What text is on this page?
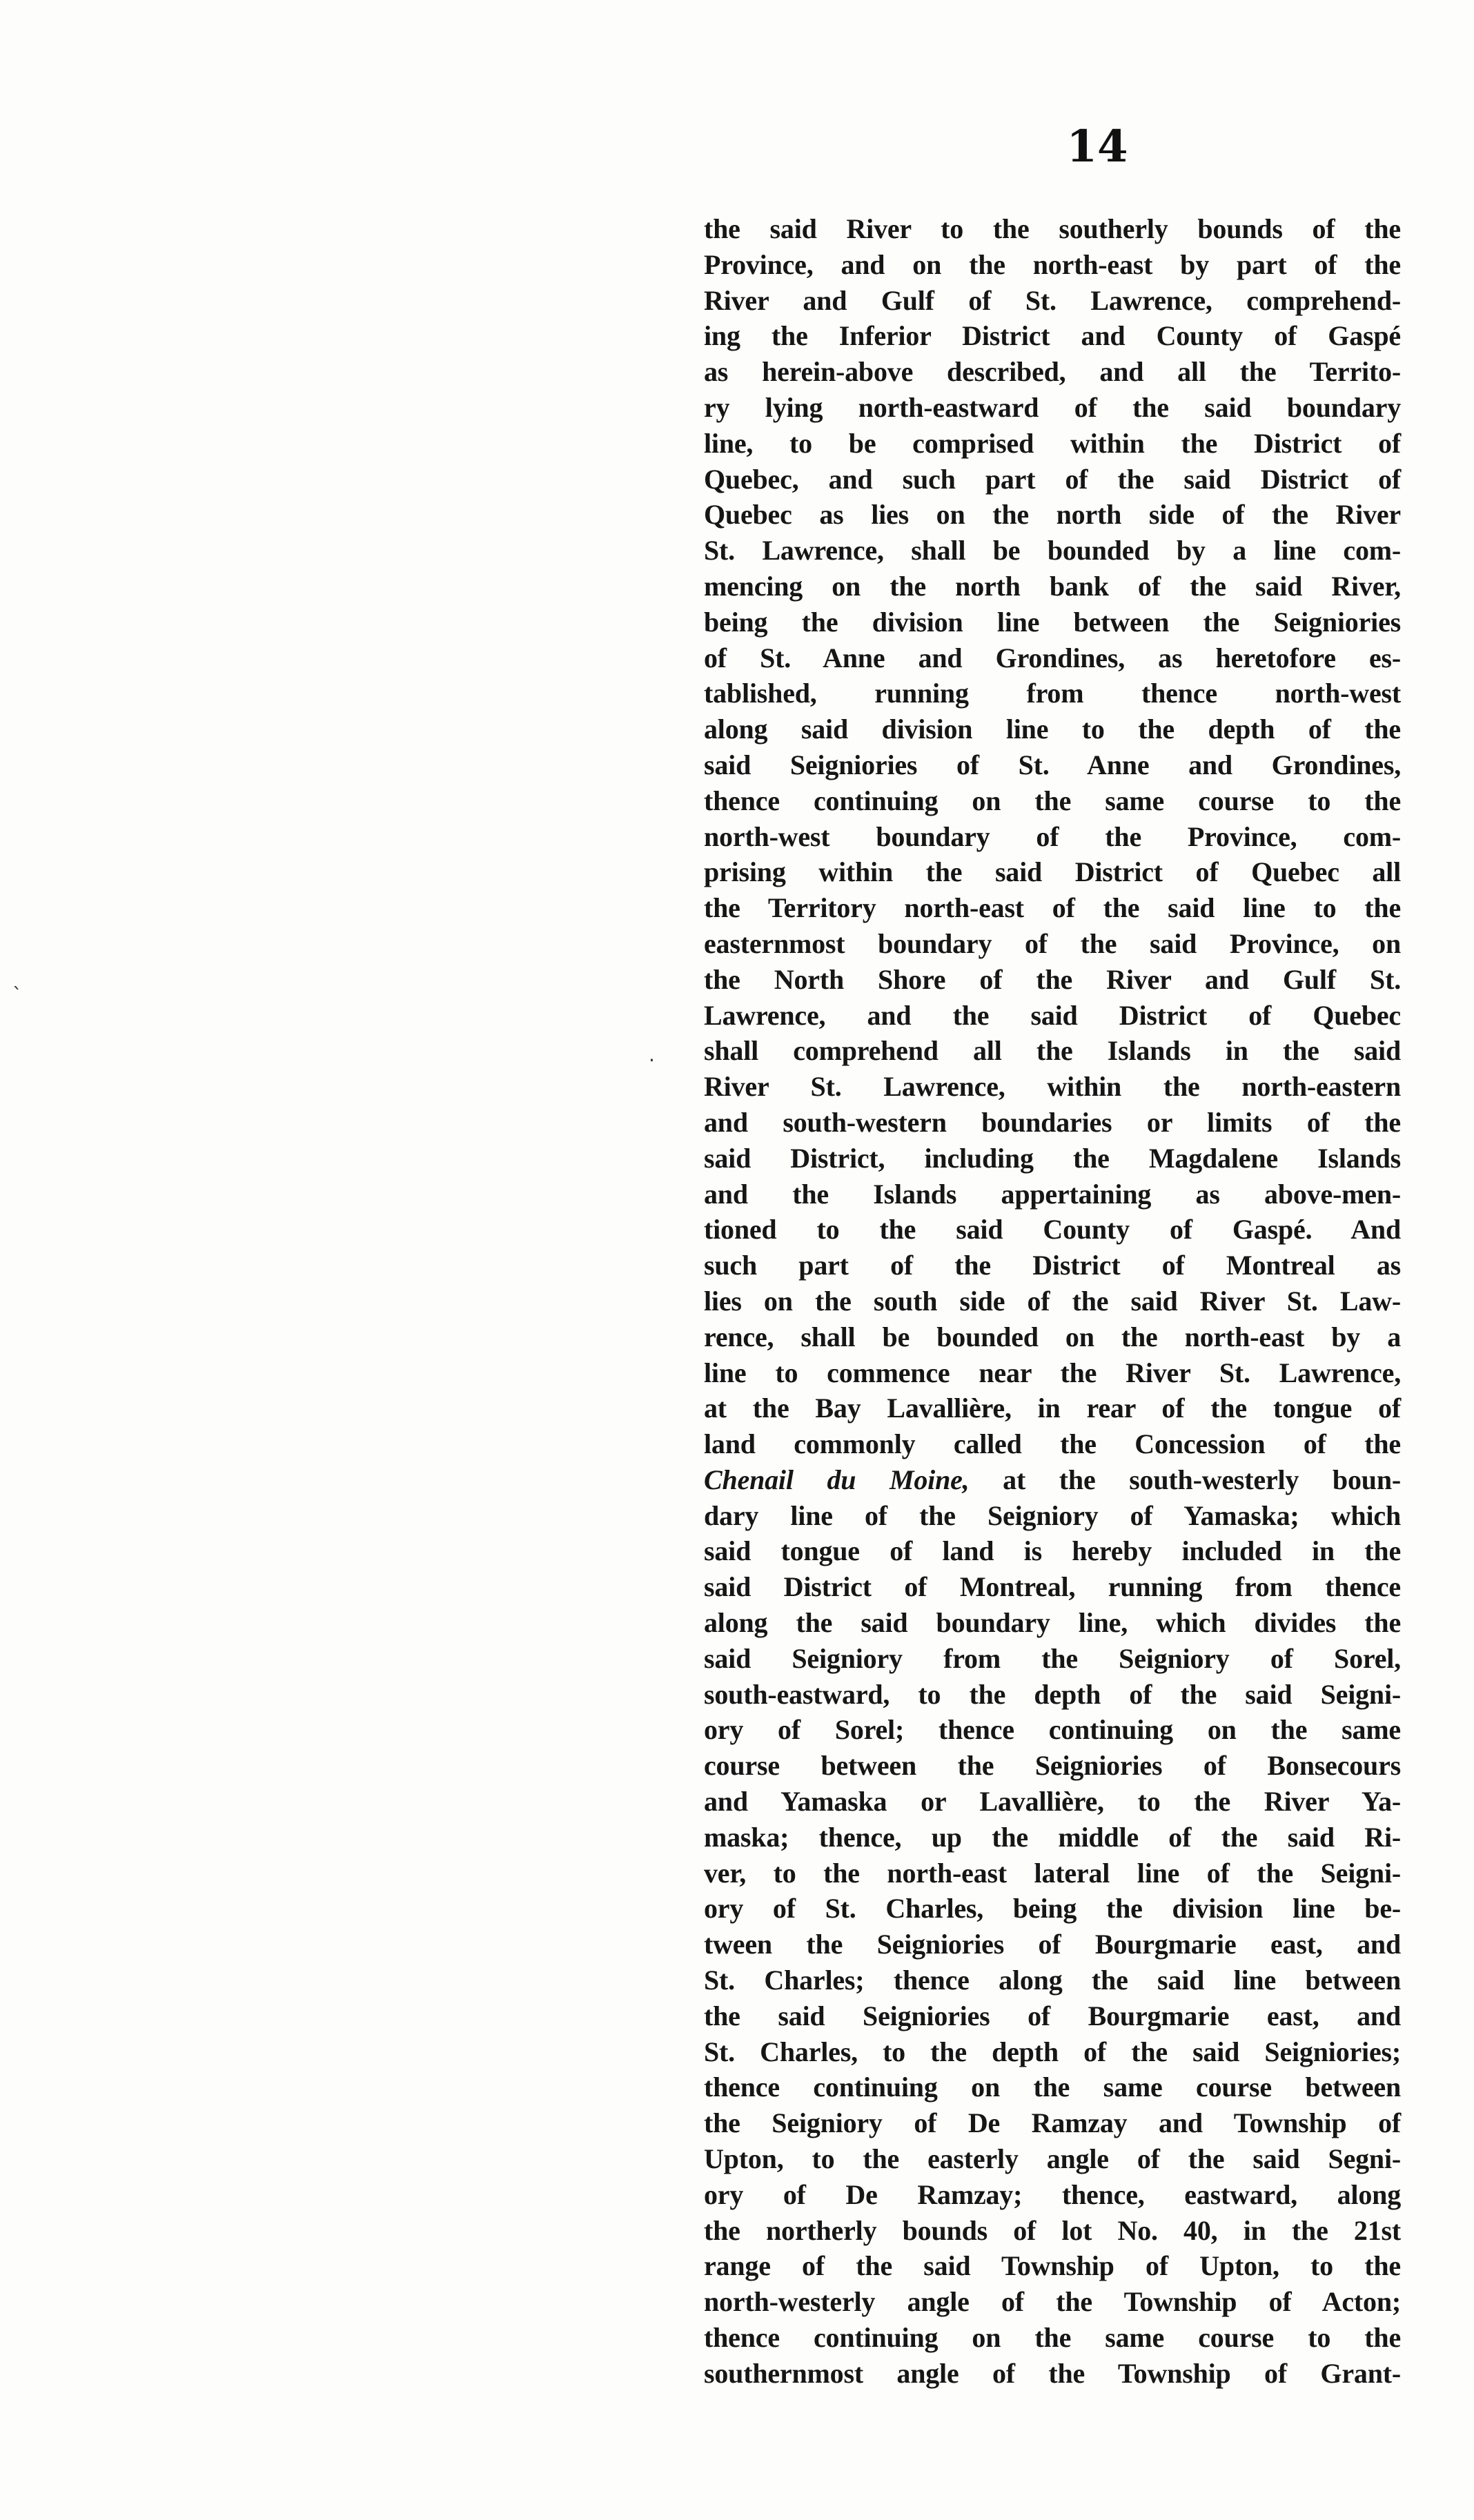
14
ˋ
·
the said River to the southerly bounds of the
Province, and on the north-east by part of the
River and Gulf of St. Lawrence, comprehend-
ing the Inferior District and County of Gaspé
as herein-above described, and all the Territo-
ry lying north-eastward of the said boundary
line, to be comprised within the District of
Quebec, and such part of the said District of
Quebec as lies on the north side of the River
St. Lawrence, shall be bounded by a line com-
mencing on the north bank of the said River,
being the division line between the Seigniories
of St. Anne and Grondines, as heretofore es-
tablished, running from thence north-west
along said division line to the depth of the
said Seigniories of St. Anne and Grondines,
thence continuing on the same course to the
north-west boundary of the Province, com-
prising within the said District of Quebec all
the Territory north-east of the said line to the
easternmost boundary of the said Province, on
the North Shore of the River and Gulf St.
Lawrence, and the said District of Quebec
shall comprehend all the Islands in the said
River St. Lawrence, within the north-eastern
and south-western boundaries or limits of the
said District, including the Magdalene Islands
and the Islands appertaining as above-men-
tioned to the said County of Gaspé. And
such part of the District of Montreal as
lies on the south side of the said River St. Law-
rence, shall be bounded on the north-east by a
line to commence near the River St. Lawrence,
at the Bay Lavallière, in rear of the tongue of
land commonly called the Concession of the
Chenail du Moine, at the south-westerly boun-
dary line of the Seigniory of Yamaska; which
said tongue of land is hereby included in the
said District of Montreal, running from thence
along the said boundary line, which divides the
said Seigniory from the Seigniory of Sorel,
south-eastward, to the depth of the said Seigni-
ory of Sorel; thence continuing on the same
course between the Seigniories of Bonsecours
and Yamaska or Lavallière, to the River Ya-
maska; thence, up the middle of the said Ri-
ver, to the north-east lateral line of the Seigni-
ory of St. Charles, being the division line be-
tween the Seigniories of Bourgmarie east, and
St. Charles; thence along the said line between
the said Seigniories of Bourgmarie east, and
St. Charles, to the depth of the said Seigniories;
thence continuing on the same course between
the Seigniory of De Ramzay and Township of
Upton, to the easterly angle of the said Segni-
ory of De Ramzay; thence, eastward, along
the northerly bounds of lot No. 40, in the 21st
range of the said Township of Upton, to the
north-westerly angle of the Township of Acton;
thence continuing on the same course to the
southernmost angle of the Township of Grant-
